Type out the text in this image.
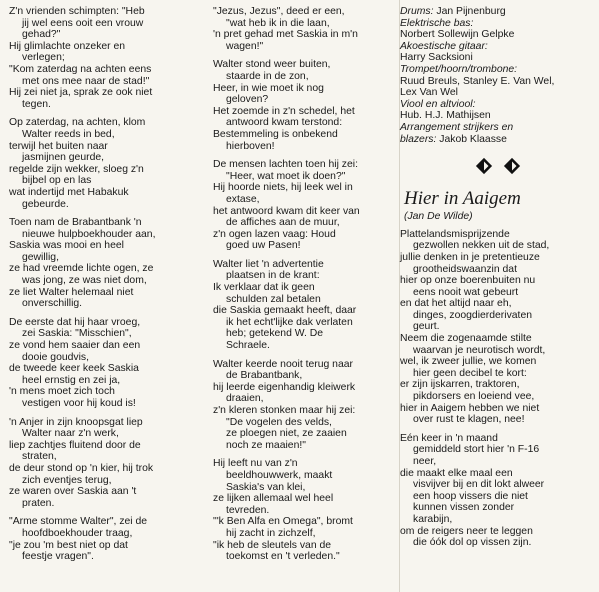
Z'n vrienden schimpten: "Heb
jij wel eens ooit een vrouw
gehad?"
Hij glimlachte onzeker en
verlegen;
"Kom zaterdag na achten eens
met ons mee naar de stad!"
Hij zei niet ja, sprak ze ook niet
tegen.
Op zaterdag, na achten, klom
Walter reeds in bed,
terwijl het buiten naar
jasmijnen geurde,
regelde zijn wekker, sloeg z'n
bijbel op en las
wat indertijd met Habakuk
gebeurde.
Toen nam de Brabantbank 'n
nieuwe hulpboekhouder aan,
Saskia was mooi en heel
gewillig,
ze had vreemde lichte ogen, ze
was jong, ze was niet dom,
ze liet Walter helemaal niet
onverschillig.
De eerste dat hij haar vroeg,
zei Saskia: "Misschien",
ze vond hem saaier dan een
dooie goudvis,
de tweede keer keek Saskia
heel ernstig en zei ja,
'n mens moet zich toch
vestigen voor hij koud is!
'n Anjer in zijn knoopsgat liep
Walter naar z'n werk,
liep zachtjes fluitend door de
straten,
de deur stond op 'n kier, hij trok
zich eventjes terug,
ze waren over Saskia aan 't
praten.
"Arme stomme Walter", zei de
hoofdboekhouder traag,
"je zou 'm best niet op dat
feestje vragen".
"Jezus, Jezus", deed er een,
"wat heb ik in die laan,
'n pret gehad met Saskia in m'n
wagen!"
Walter stond weer buiten,
staarde in de zon,
Heer, in wie moet ik nog
geloven?
Het zoemde in z'n schedel, het
antwoord kwam terstond:
Bestemmeling is onbekend
hierboven!
De mensen lachten toen hij zei:
"Heer, wat moet ik doen?"
Hij hoorde niets, hij leek wel in
extase,
het antwoord kwam dit keer van
de affiches aan de muur,
z'n ogen lazen vaag: Houd
goed uw Pasen!
Walter liet 'n advertentie
plaatsen in de krant:
Ik verklaar dat ik geen
schulden zal betalen
die Saskia gemaakt heeft, daar
ik het echt'lijke dak verlaten
heb; getekend W. De
Schraele.
Walter keerde nooit terug naar
de Brabantbank,
hij leerde eigenhandig kleiwerk
draaien,
z'n kleren stonken maar hij zei:
"De vogelen des velds,
ze ploegen niet, ze zaaien
noch ze maaien!"
Hij leeft nu van z'n
beeldhouwwerk, maakt
Saskia's van klei,
ze lijken allemaal wel heel
tevreden.
"'k Ben Alfa en Omega", bromt
hij zacht in zichzelf,
"ik heb de sleutels van de
toekomst en 't verleden."
Drums: Jan Pijnenburg
Elektrische bas:
Norbert Sollewijn Gelpke
Akoestische gitaar:
Harry Sacksioni
Trompet/hoorn/trombone:
Ruud Breuls, Stanley E. Van Wel,
Lex Van Wel
Viool en altviool:
Hub. H.J. Mathijsen
Arrangement strijkers en
blazers: Jakob Klaasse
Hier in Aaigem
(Jan De Wilde)
Plattelandsmisprijzende
gezwollen nekken uit de stad,
jullie denken in je pretentieuze
grootheidswaanzin dat
hier op onze boerenbuiten nu
eens nooit wat gebeurt
en dat het altijd naar eh,
dinges, zoogdierderivaten
geurt.
Neem die zogenaamde stilte
waarvan je neurotisch wordt,
wel, ik zweer jullie, we komen
hier geen decibel te kort:
er zijn ijskarren, traktoren,
pikdorsers en loeiend vee,
hier in Aaigem hebben we niet
over rust te klagen, nee!
Eén keer in 'n maand
gemiddeld stort hier 'n F-16
neer,
die maakt elke maal een
visvijver bij en dit lokt alweer
een hoop vissers die niet
kunnen vissen zonder
karabijn,
om de reigers neer te leggen
die óók dol op vissen zijn.
